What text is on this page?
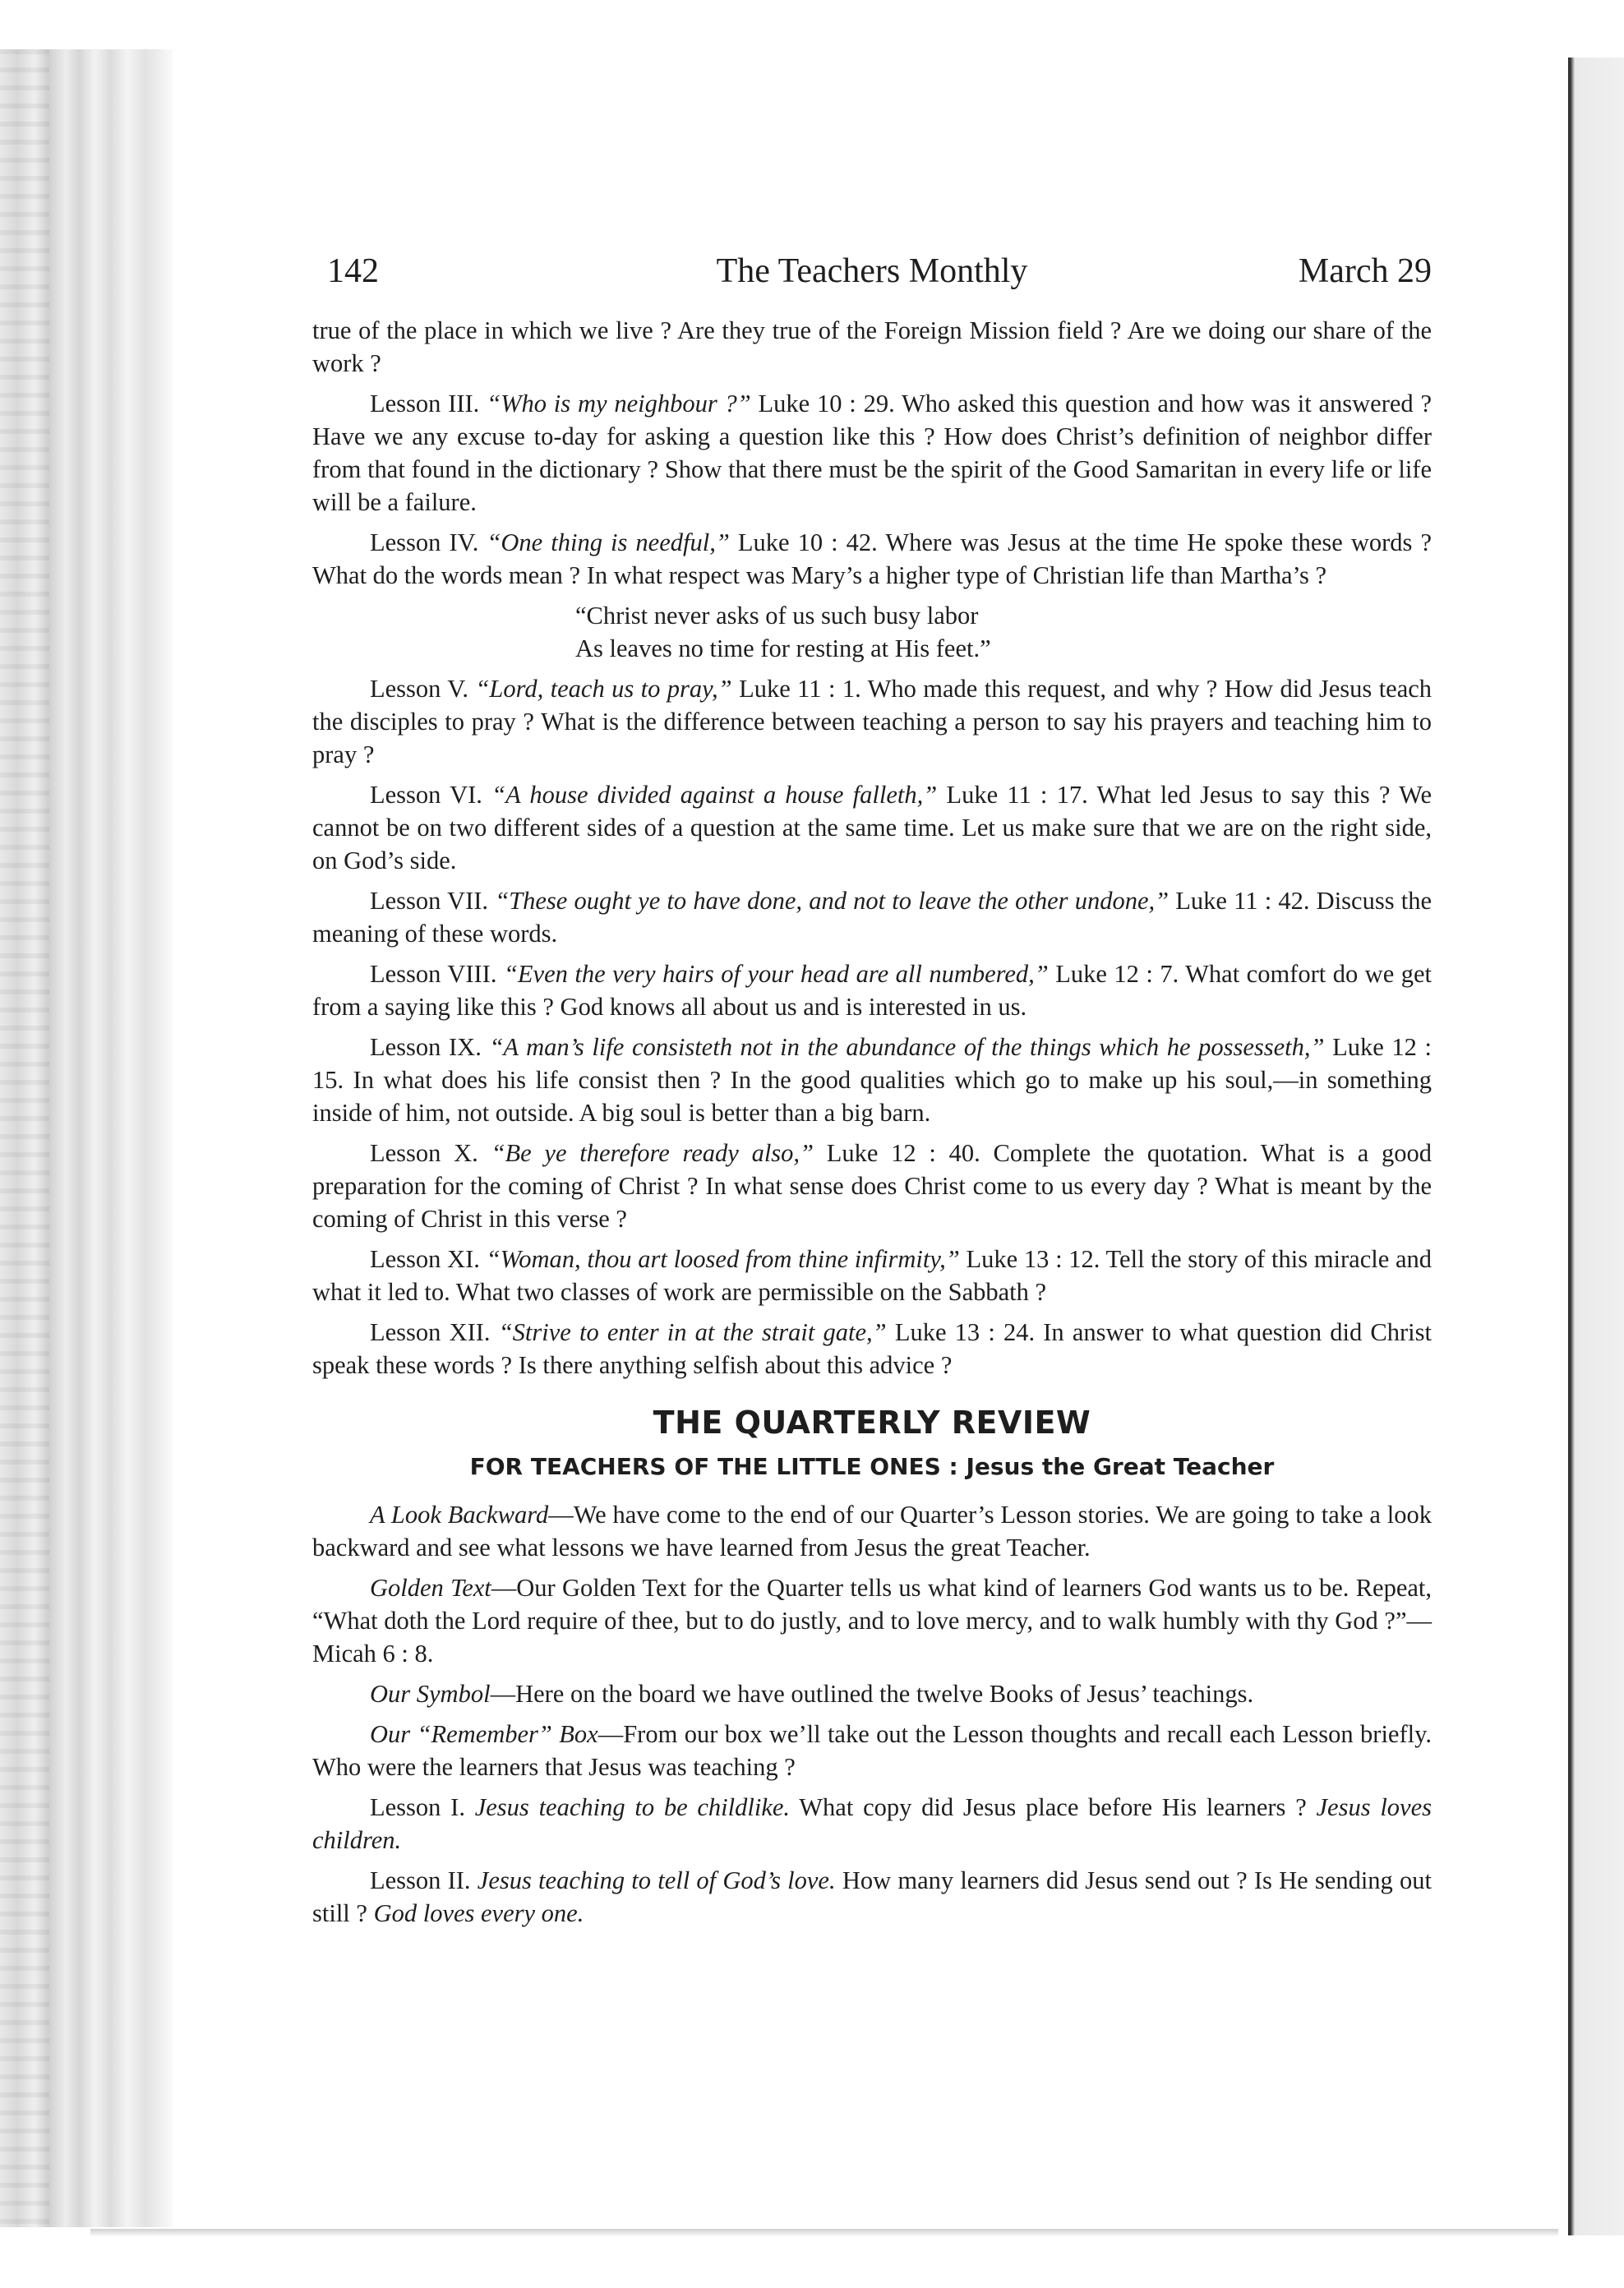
142	The Teachers Monthly	March 29

true of the place in which we live ? Are they true of the Foreign Mission field ? Are we doing our share of the work ?

Lesson III. “Who is my neighbour ?” Luke 10 : 29. Who asked this question and how was it answered ? Have we any excuse to-day for asking a question like this ? How does Christ’s definition of neighbor differ from that found in the dictionary ? Show that there must be the spirit of the Good Samaritan in every life or life will be a failure.

Lesson IV. “One thing is needful,” Luke 10 : 42. Where was Jesus at the time He spoke these words ? What do the words mean ? In what respect was Mary’s a higher type of Christian life than Martha’s ?

“Christ never asks of us such busy labor
As leaves no time for resting at His feet.”

Lesson V. “Lord, teach us to pray,” Luke 11 : 1. Who made this request, and why ? How did Jesus teach the disciples to pray ? What is the difference between teaching a person to say his prayers and teaching him to pray ?

Lesson VI. “A house divided against a house falleth,” Luke 11 : 17. What led Jesus to say this ? We cannot be on two different sides of a question at the same time. Let us make sure that we are on the right side, on God’s side.

Lesson VII. “These ought ye to have done, and not to leave the other undone,” Luke 11 : 42. Discuss the meaning of these words.

Lesson VIII. “Even the very hairs of your head are all numbered,” Luke 12 : 7. What comfort do we get from a saying like this ? God knows all about us and is interested in us.

Lesson IX. “A man’s life consisteth not in the abundance of the things which he possesseth,” Luke 12 : 15. In what does his life consist then ? In the good qualities which go to make up his soul,—in something inside of him, not outside. A big soul is better than a big barn.

Lesson X. “Be ye therefore ready also,” Luke 12 : 40. Complete the quotation. What is a good preparation for the coming of Christ ? In what sense does Christ come to us every day ? What is meant by the coming of Christ in this verse ?

Lesson XI. “Woman, thou art loosed from thine infirmity,” Luke 13 : 12. Tell the story of this miracle and what it led to. What two classes of work are permissible on the Sabbath ?

Lesson XII. “Strive to enter in at the strait gate,” Luke 13 : 24. In answer to what question did Christ speak these words ? Is there anything selfish about this advice ?

THE QUARTERLY REVIEW
FOR TEACHERS OF THE LITTLE ONES : Jesus the Great Teacher

A Look Backward—We have come to the end of our Quarter’s Lesson stories. We are going to take a look backward and see what lessons we have learned from Jesus the great Teacher.

Golden Text—Our Golden Text for the Quarter tells us what kind of learners God wants us to be. Repeat, “What doth the Lord require of thee, but to do justly, and to love mercy, and to walk humbly with thy God ?”—Micah 6 : 8.

Our Symbol—Here on the board we have outlined the twelve Books of Jesus’ teachings.

Our “Remember” Box—From our box we’ll take out the Lesson thoughts and recall each Lesson briefly. Who were the learners that Jesus was teaching ?

Lesson I. Jesus teaching to be childlike. What copy did Jesus place before His learners ? Jesus loves children.

Lesson II. Jesus teaching to tell of God’s love. How many learners did Jesus send out ? Is He sending out still ? God loves every one.
